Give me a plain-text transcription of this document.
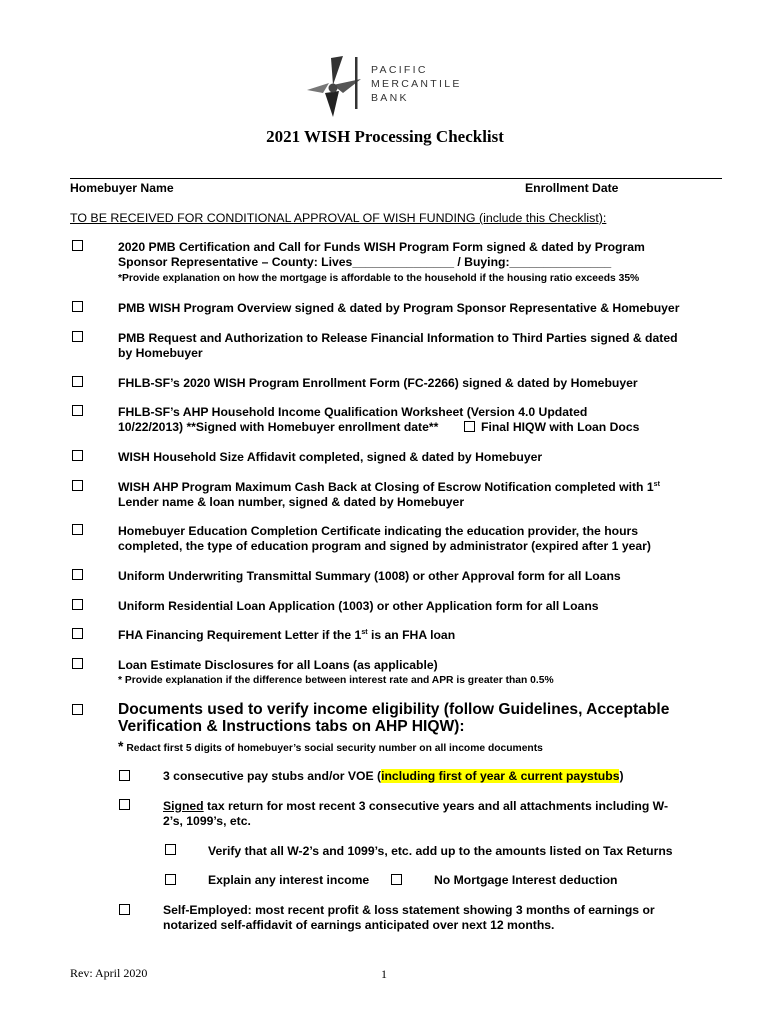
PACIFIC
MERCANTILE
BANK
2021 WISH Processing Checklist
Homebuyer Name	Enrollment Date
TO BE RECEIVED FOR CONDITIONAL APPROVAL OF WISH FUNDING (include this Checklist):
2020 PMB Certification and Call for Funds WISH Program Form signed & dated by Program
Sponsor Representative – County: Lives_______________ / Buying:_______________
*Provide explanation on how the mortgage is affordable to the household if the housing ratio exceeds 35%
PMB WISH Program Overview signed & dated by Program Sponsor Representative & Homebuyer
PMB Request and Authorization to Release Financial Information to Third Parties signed & dated
by Homebuyer
FHLB-SF’s 2020 WISH Program Enrollment Form (FC-2266) signed & dated by Homebuyer
FHLB-SF’s AHP Household Income Qualification Worksheet (Version 4.0 Updated
10/22/2013) **Signed with Homebuyer enrollment date**	Final HIQW with Loan Docs
WISH Household Size Affidavit completed, signed & dated by Homebuyer
WISH AHP Program Maximum Cash Back at Closing of Escrow Notification completed with 1st
Lender name & loan number, signed & dated by Homebuyer
Homebuyer Education Completion Certificate indicating the education provider, the hours
completed, the type of education program and signed by administrator (expired after 1 year)
Uniform Underwriting Transmittal Summary (1008) or other Approval form for all Loans
Uniform Residential Loan Application (1003) or other Application form for all Loans
FHA Financing Requirement Letter if the 1st is an FHA loan
Loan Estimate Disclosures for all Loans (as applicable)
* Provide explanation if the difference between interest rate and APR is greater than 0.5%
Documents used to verify income eligibility (follow Guidelines, Acceptable
Verification & Instructions tabs on AHP HIQW):
* Redact first 5 digits of homebuyer’s social security number on all income documents
3 consecutive pay stubs and/or VOE (including first of year & current paystubs)
Signed tax return for most recent 3 consecutive years and all attachments including W-
2’s, 1099’s, etc.
Verify that all W-2’s and 1099’s, etc. add up to the amounts listed on Tax Returns
Explain any interest income	No Mortgage Interest deduction
Self-Employed: most recent profit & loss statement showing 3 months of earnings or
notarized self-affidavit of earnings anticipated over next 12 months.
Rev: April 2020	1
